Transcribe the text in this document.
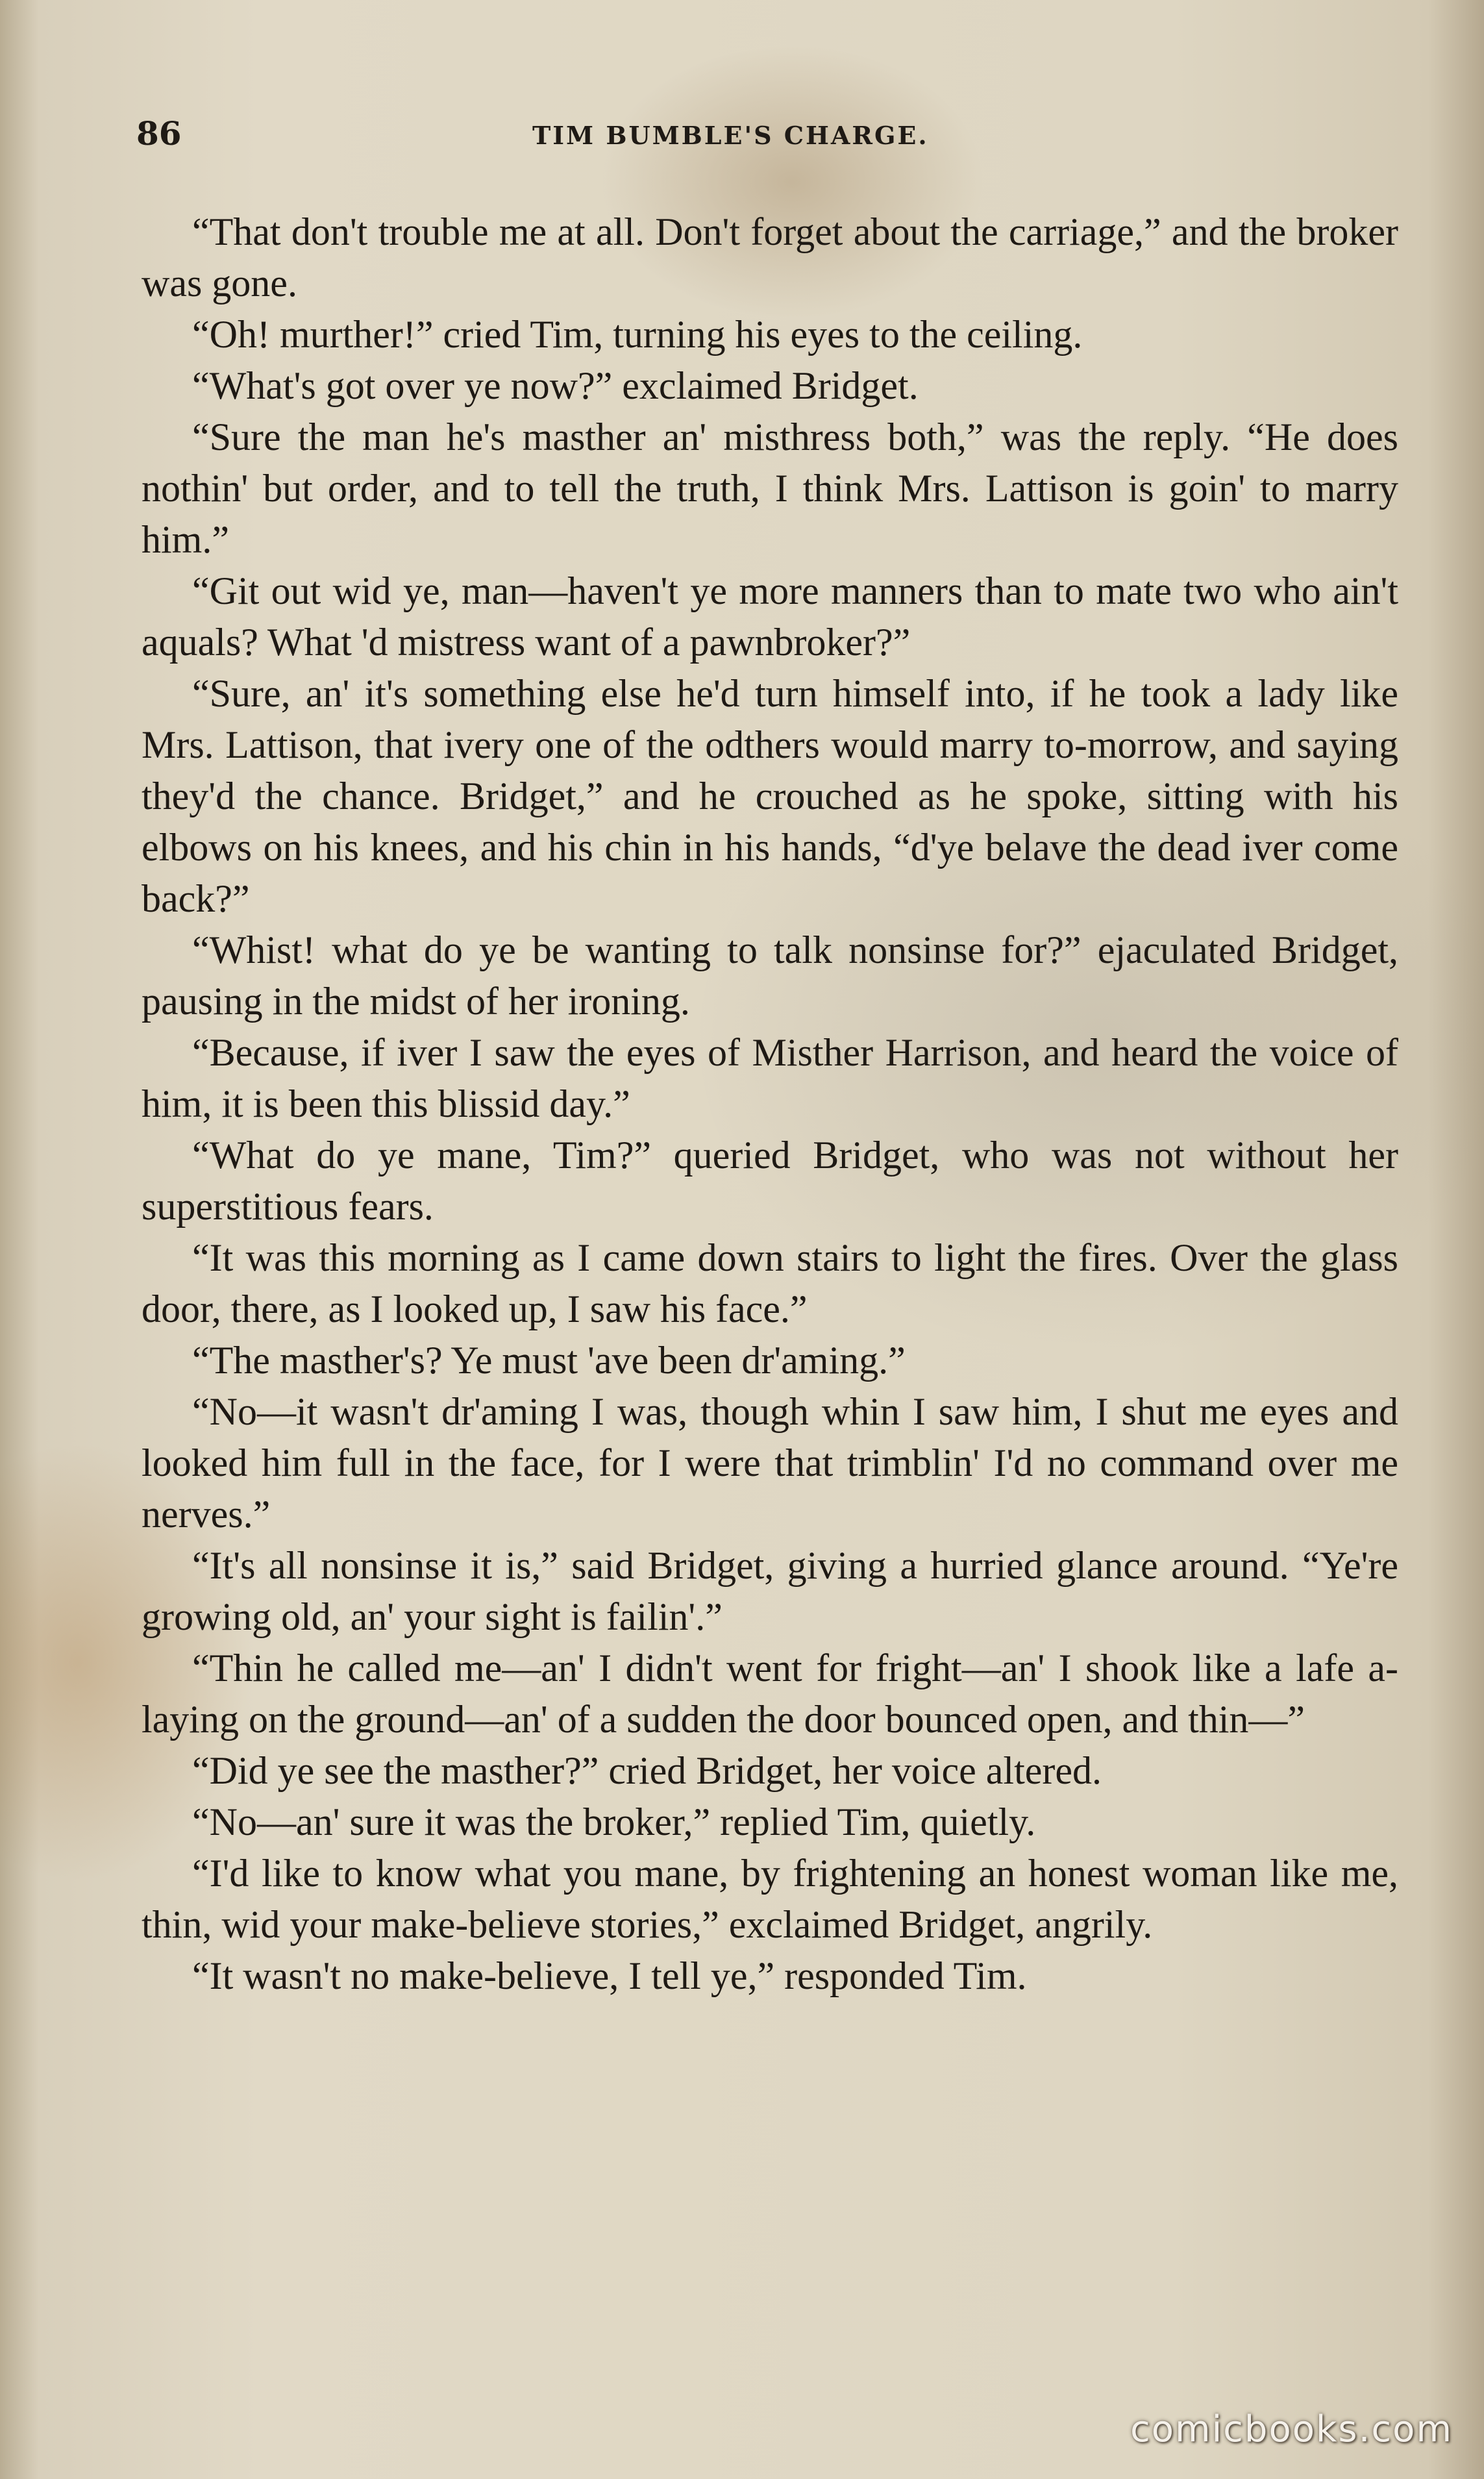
86	TIM BUMBLE'S CHARGE.

“That don't trouble me at all. Don't forget about the carriage,” and the broker was gone.

“Oh! murther!” cried Tim, turning his eyes to the ceiling.

“What's got over ye now?” exclaimed Bridget.

“Sure the man he's masther an' misthress both,” was the reply. “He does nothin' but order, and to tell the truth, I think Mrs. Lattison is goin' to marry him.”

“Git out wid ye, man—haven't ye more manners than to mate two who ain't aquals? What 'd mistress want of a pawnbroker?”

“Sure, an' it's something else he'd turn himself into, if he took a lady like Mrs. Lattison, that ivery one of the odthers would marry to-morrow, and saying they'd the chance. Bridget,” and he crouched as he spoke, sitting with his elbows on his knees, and his chin in his hands, “d'ye belave the dead iver come back?”

“Whist! what do ye be wanting to talk nonsinse for?” ejaculated Bridget, pausing in the midst of her ironing.

“Because, if iver I saw the eyes of Misther Harrison, and heard the voice of him, it is been this blissid day.”

“What do ye mane, Tim?” queried Bridget, who was not without her superstitious fears.

“It was this morning as I came down stairs to light the fires. Over the glass door, there, as I looked up, I saw his face.”

“The masther's? Ye must 'ave been dr'aming.”

“No—it wasn't dr'aming I was, though whin I saw him, I shut me eyes and looked him full in the face, for I were that trimblin' I'd no command over me nerves.”

“It's all nonsinse it is,” said Bridget, giving a hurried glance around. “Ye're growing old, an' your sight is failin'.”

“Thin he called me—an' I didn't went for fright—an' I shook like a lafe a-laying on the ground—an' of a sudden the door bounced open, and thin—”

“Did ye see the masther?” cried Bridget, her voice altered.

“No—an' sure it was the broker,” replied Tim, quietly.

“I'd like to know what you mane, by frightening an honest woman like me, thin, wid your make-believe stories,” exclaimed Bridget, angrily.

“It wasn't no make-believe, I tell ye,” responded Tim.

comicbooks.com
